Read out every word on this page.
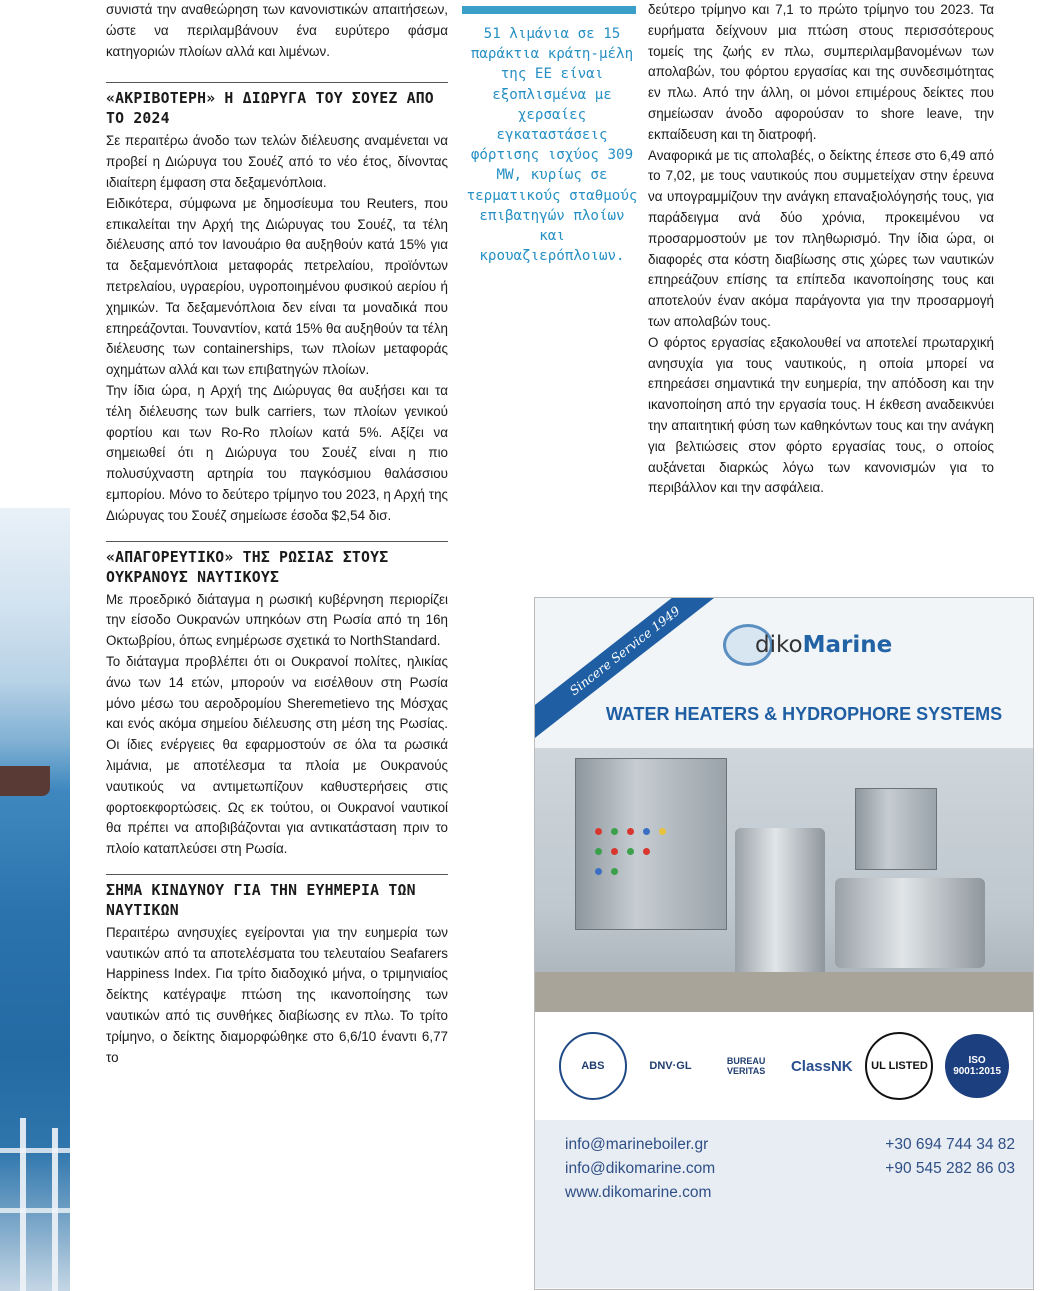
συνιστά την αναθεώρηση των κανονιστικών απαιτήσεων, ώστε να περιλαμβάνουν ένα ευρύτερο φάσμα κατηγοριών πλοίων αλλά και λιμένων.

«ΑΚΡΙΒΟΤΕΡΗ» Η ΔΙΩΡΥΓΑ ΤΟΥ ΣΟΥΕΖ ΑΠΟ ΤΟ 2024

Σε περαιτέρω άνοδο των τελών διέλευσης αναμένεται να προβεί η Διώρυγα του Σουέζ από το νέο έτος, δίνοντας ιδιαίτερη έμφαση στα δεξαμενόπλοια.

Ειδικότερα, σύμφωνα με δημοσίευμα του Reuters, που επικαλείται την Αρχή της Διώρυγας του Σουέζ, τα τέλη διέλευσης από τον Ιανουάριο θα αυξηθούν κατά 15% για τα δεξαμενόπλοια μεταφοράς πετρελαίου, προϊόντων πετρελαίου, υγραερίου, υγροποιημένου φυσικού αερίου ή χημικών. Τα δεξαμενόπλοια δεν είναι τα μοναδικά που επηρεάζονται. Τουναντίον, κατά 15% θα αυξηθούν τα τέλη διέλευσης των containerships, των πλοίων μεταφοράς οχημάτων αλλά και των επιβατηγών πλοίων.

Την ίδια ώρα, η Αρχή της Διώρυγας θα αυξήσει και τα τέλη διέλευσης των bulk carriers, των πλοίων γενικού φορτίου και των Ro-Ro πλοίων κατά 5%. Αξίζει να σημειωθεί ότι η Διώρυγα του Σουέζ είναι η πιο πολυσύχναστη αρτηρία του παγκόσμιου θαλάσσιου εμπορίου. Μόνο το δεύτερο τρίμηνο του 2023, η Αρχή της Διώρυγας του Σουέζ σημείωσε έσοδα $2,54 δισ.

«ΑΠΑΓΟΡΕΥΤΙΚΟ» ΤΗΣ ΡΩΣΙΑΣ ΣΤΟΥΣ ΟΥΚΡΑΝΟΥΣ ΝΑΥΤΙΚΟΥΣ

Με προεδρικό διάταγμα η ρωσική κυβέρνηση περιορίζει την είσοδο Ουκρανών υπηκόων στη Ρωσία από τη 16η Οκτωβρίου, όπως ενημέρωσε σχετικά το NorthStandard.

Το διάταγμα προβλέπει ότι οι Ουκρανοί πολίτες, ηλικίας άνω των 14 ετών, μπορούν να εισέλθουν στη Ρωσία μόνο μέσω του αεροδρομίου Sheremetievo της Μόσχας και ενός ακόμα σημείου διέλευσης στη μέση της Ρωσίας. Οι ίδιες ενέργειες θα εφαρμοστούν σε όλα τα ρωσικά λιμάνια, με αποτέλεσμα τα πλοία με Ουκρανούς ναυτικούς να αντιμετωπίζουν καθυστερήσεις στις φορτοεκφορτώσεις. Ως εκ τούτου, οι Ουκρανοί ναυτικοί θα πρέπει να αποβιβάζονται για αντικατάσταση πριν το πλοίο καταπλεύσει στη Ρωσία.

ΣΗΜΑ ΚΙΝΔΥΝΟΥ ΓΙΑ ΤΗΝ ΕΥΗΜΕΡΙΑ ΤΩΝ ΝΑΥΤΙΚΩΝ

Περαιτέρω ανησυχίες εγείρονται για την ευημερία των ναυτικών από τα αποτελέσματα του τελευταίου Seafarers Happiness Index. Για τρίτο διαδοχικό μήνα, ο τριμηνιαίος δείκτης κατέγραψε πτώση της ικανοποίησης των ναυτικών από τις συνθήκες διαβίωσης εν πλω. Το τρίτο τρίμηνο, ο δείκτης διαμορφώθηκε στο 6,6/10 έναντι 6,77 το

51 λιμάνια σε 15 παράκτια κράτη-μέλη της ΕΕ είναι εξοπλισμένα με χερσαίες εγκαταστάσεις φόρτισης ισχύος 309 MW, κυρίως σε τερματικούς σταθμούς επιβατηγών πλοίων και κρουαζιερόπλοιων.

δεύτερο τρίμηνο και 7,1 το πρώτο τρίμηνο του 2023. Τα ευρήματα δείχνουν μια πτώση στους περισσότερους τομείς της ζωής εν πλω, συμπεριλαμβανομένων των απολαβών, του φόρτου εργασίας και της συνδεσιμότητας εν πλω. Από την άλλη, οι μόνοι επιμέρους δείκτες που σημείωσαν άνοδο αφορούσαν το shore leave, την εκπαίδευση και τη διατροφή.

Αναφορικά με τις απολαβές, ο δείκτης έπεσε στο 6,49 από το 7,02, με τους ναυτικούς που συμμετείχαν στην έρευνα να υπογραμμίζουν την ανάγκη επαναξιολόγησής τους, για παράδειγμα ανά δύο χρόνια, προκειμένου να προσαρμοστούν με τον πληθωρισμό. Την ίδια ώρα, οι διαφορές στα κόστη διαβίωσης στις χώρες των ναυτικών επηρεάζουν επίσης τα επίπεδα ικανοποίησης τους και αποτελούν έναν ακόμα παράγοντα για την προσαρμογή των απολαβών τους.

Ο φόρτος εργασίας εξακολουθεί να αποτελεί πρωταρχική ανησυχία για τους ναυτικούς, η οποία μπορεί να επηρεάσει σημαντικά την ευημερία, την απόδοση και την ικανοποίηση από την εργασία τους. Η έκθεση αναδεικνύει την απαιτητική φύση των καθηκόντων τους και την ανάγκη για βελτιώσεις στον φόρτο εργασίας τους, ο οποίος αυξάνεται διαρκώς λόγω των κανονισμών για το περιβάλλον και την ασφάλεια.

Sincere Service 1949	dikoMarine
WATER HEATERS & HYDROPHORE SYSTEMS
ABS	DNV·GL	BUREAU VERITAS	ClassNK	UL LISTED	ISO 9001:2015
info@marineboiler.gr
info@dikomarine.com
www.dikomarine.com
+30 694 744 34 82
+90 545 282 86 03
